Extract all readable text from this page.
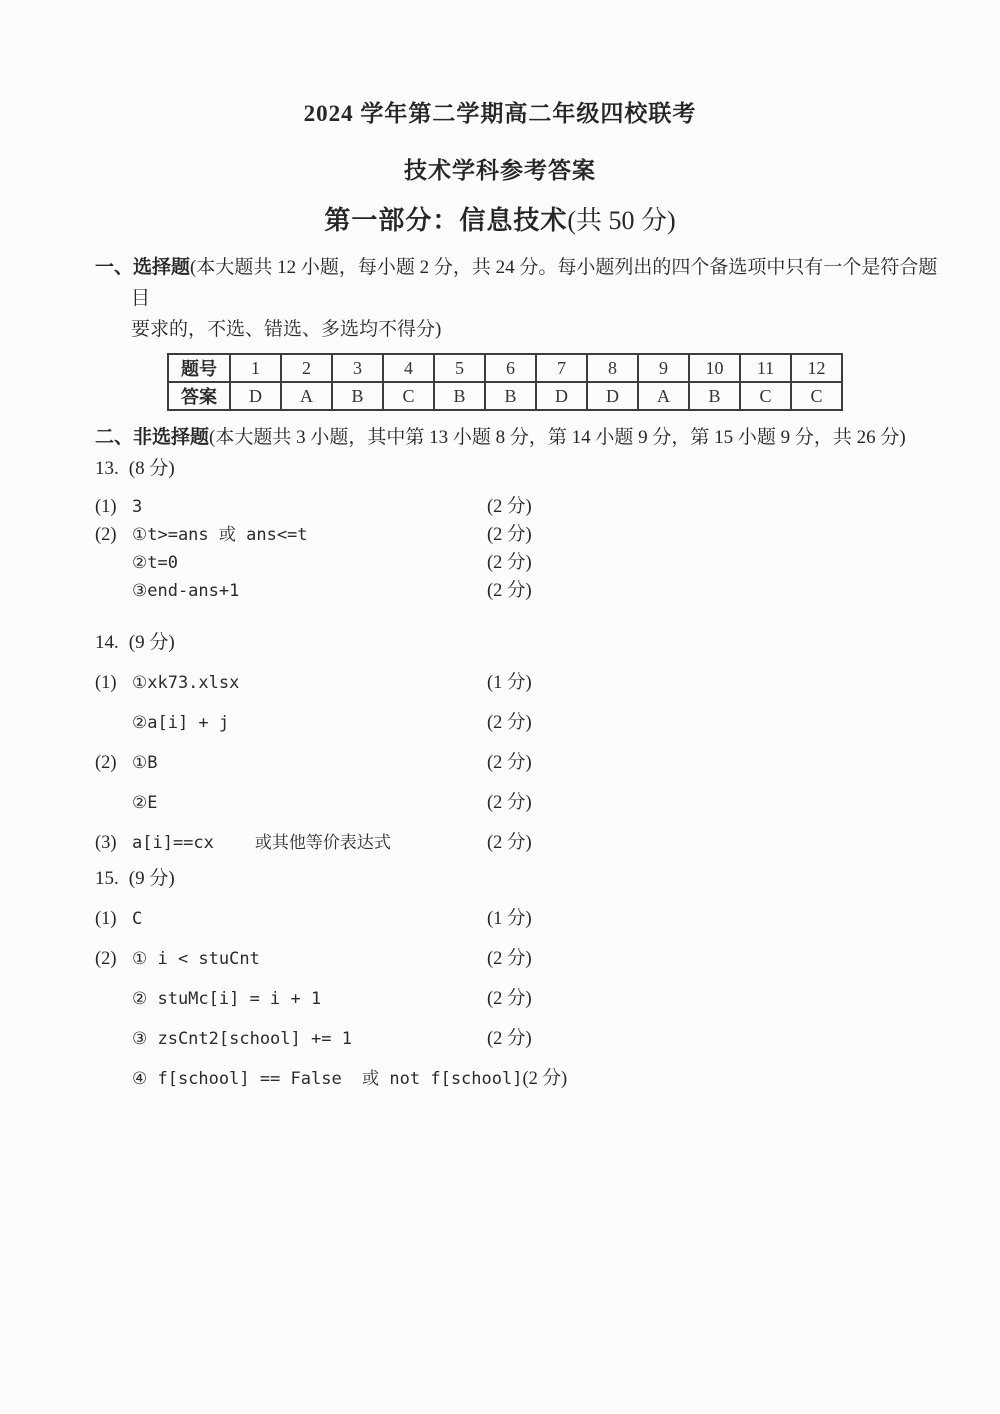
2024 学年第二学期高二年级四校联考
技术学科参考答案
第一部分：信息技术(共 50 分)
一、选择题(本大题共 12 小题，每小题 2 分，共 24 分。每小题列出的四个备选项中只有一个是符合题目
要求的，不选、错选、多选均不得分)
题号	1	2	3	4	5	6	7	8	9	10	11	12
答案	D	A	B	C	B	B	D	D	A	B	C	C
二、非选择题(本大题共 3 小题，其中第 13 小题 8 分，第 14 小题 9 分，第 15 小题 9 分，共 26 分)
13. (8 分)
(1) 3	(2 分)
(2) ①t>=ans 或 ans<=t	(2 分)
②t=0	(2 分)
③end-ans+1	(2 分)
14. (9 分)
(1) ①xk73.xlsx	(1 分)
②a[i] + j	(2 分)
(2) ①B	(2 分)
②E	(2 分)
(3) a[i]==cx    或其他等价表达式	(2 分)
15. (9 分)
(1) C	(1 分)
(2) ① i < stuCnt	(2 分)
② stuMc[i] = i + 1	(2 分)
③ zsCnt2[school] += 1	(2 分)
④ f[school] == False  或 not f[school] (2 分)
